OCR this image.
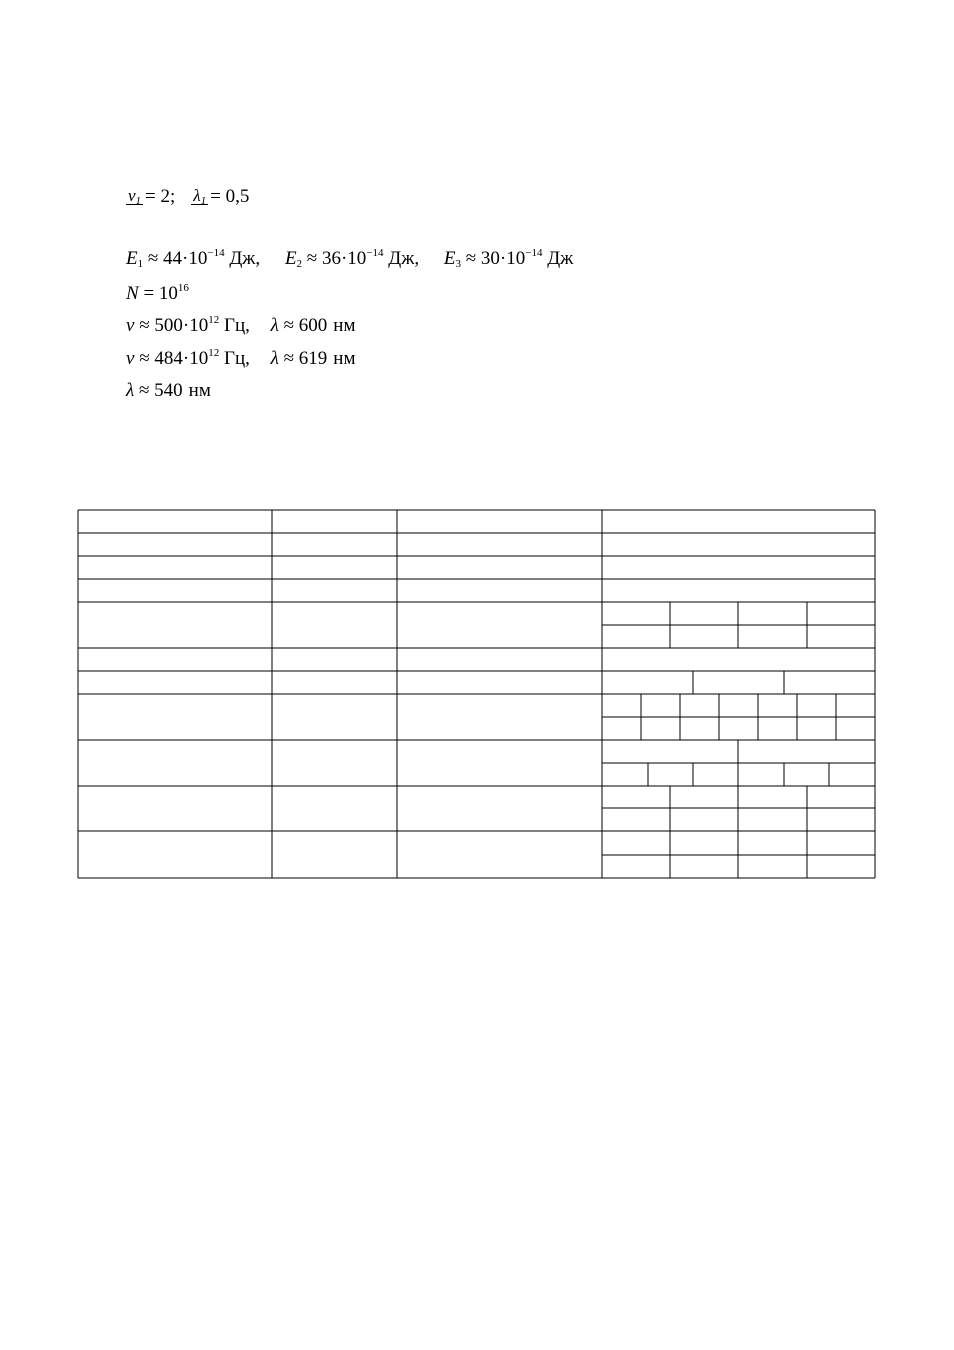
$\nu_1 = 2$; $\lambda_1 = 0,5$
$E_1 \approx 44\cdot 10^{-14}$ Дж, $E_2 \approx 36\cdot 10^{-14}$ Дж, $E_3 \approx 30\cdot 10^{-14}$ Дж
$N = 10^{16}$
$\nu \approx 500\cdot 10^{12}$ Гц, λ ≈ 600 нм
$\nu \approx 484\cdot 10^{12}$ Гц, λ ≈ 619 нм
λ ≈ 540 нм
